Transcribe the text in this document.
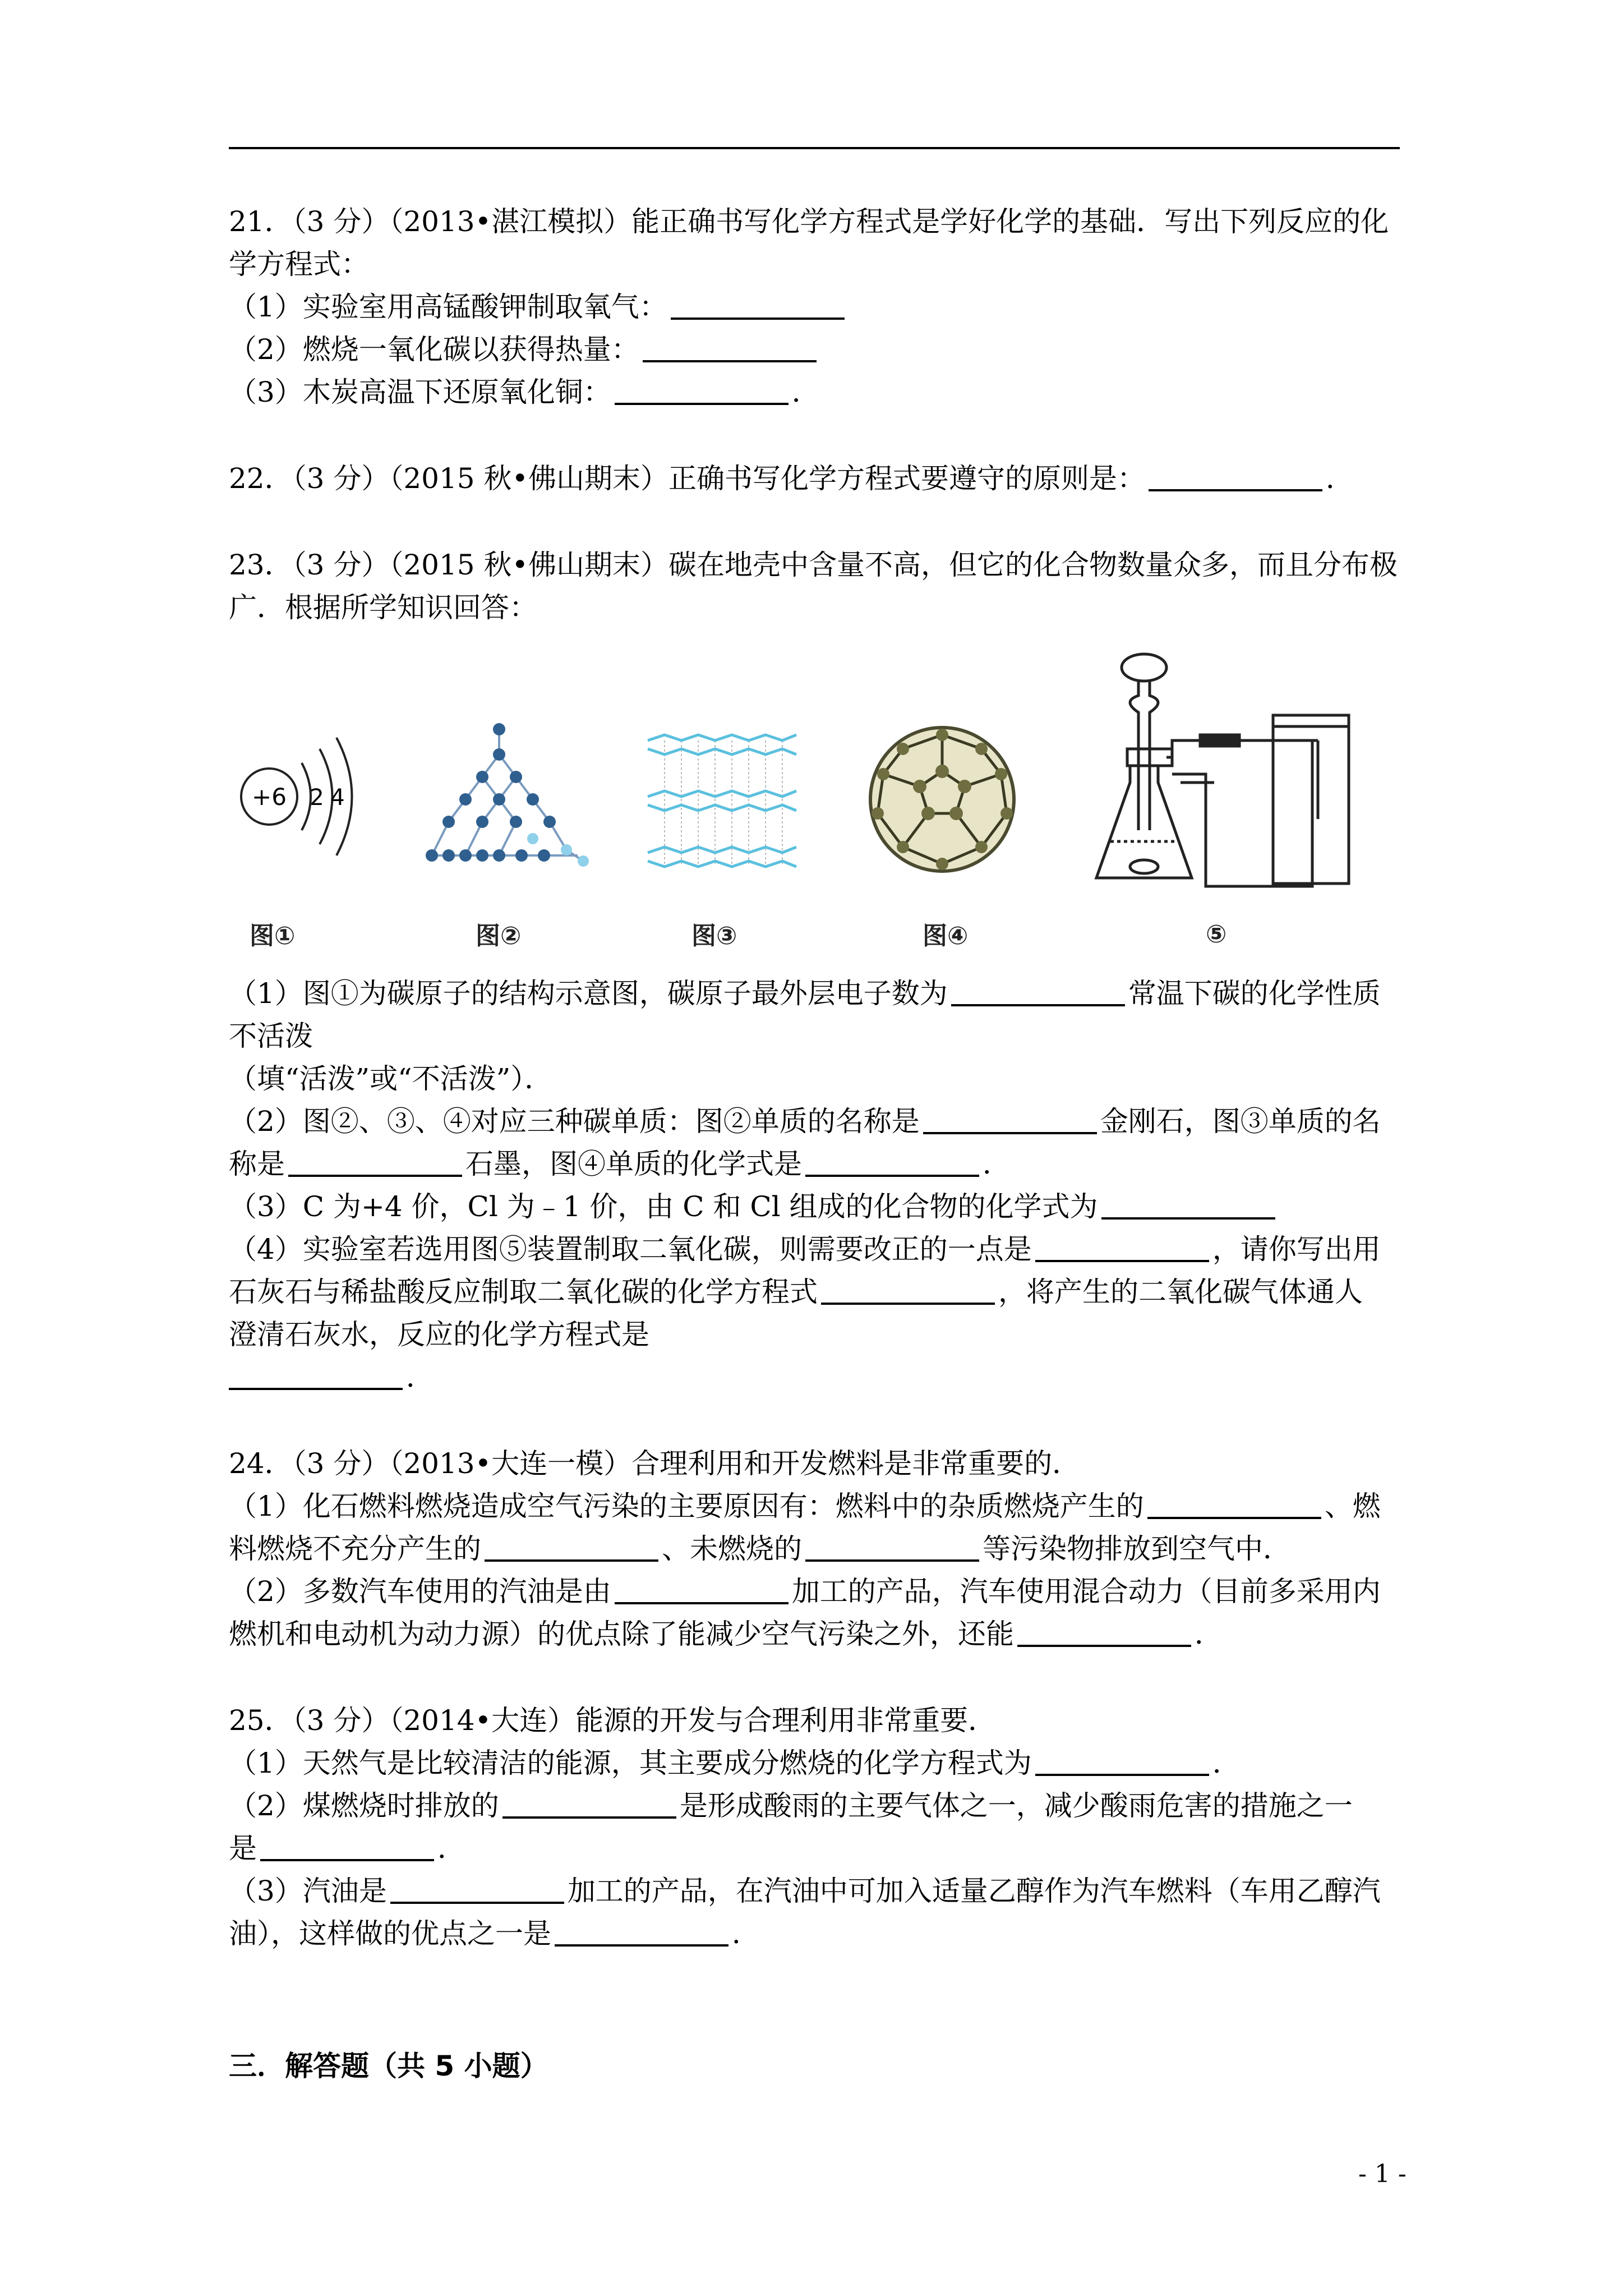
21．（3 分）（2013•湛江模拟）能正确书写化学方程式是学好化学的基础．写出下列反应的化
学方程式：
（1）实验室用高锰酸钾制取氧气：
（2）燃烧一氧化碳以获得热量：
（3）木炭高温下还原氧化铜：	．
22．（3 分）（2015 秋•佛山期末）正确书写化学方程式要遵守的原则是：	．
23．（3 分）（2015 秋•佛山期末）碳在地壳中含量不高，但它的化合物数量众多，而且分布极
广．根据所学知识回答：
+6 2 4
图①	图②	图③	图④	⑤
（1）图①为碳原子的结构示意图，碳原子最外层电子数为	常温下碳的化学性质
不活泼
（填“活泼”或“不活泼”）．
（2）图②、③、④对应三种碳单质：图②单质的名称是	金刚石，图③单质的名
称是	石墨，图④单质的化学式是	．
（3）C 为+4 价，Cl 为﹣1 价，由 C 和 Cl 组成的化合物的化学式为
（4）实验室若选用图⑤装置制取二氧化碳，则需要改正的一点是	，请你写出用
石灰石与稀盐酸反应制取二氧化碳的化学方程式	，将产生的二氧化碳气体通人
澄清石灰水，反应的化学方程式是
．
24．（3 分）（2013•大连一模）合理利用和开发燃料是非常重要的．
（1）化石燃料燃烧造成空气污染的主要原因有：燃料中的杂质燃烧产生的	、燃
料燃烧不充分产生的	、未燃烧的	等污染物排放到空气中．
（2）多数汽车使用的汽油是由	加工的产品，汽车使用混合动力（目前多采用内
燃机和电动机为动力源）的优点除了能减少空气污染之外，还能	．
25．（3 分）（2014•大连）能源的开发与合理利用非常重要．
（1）天然气是比较清洁的能源，其主要成分燃烧的化学方程式为	．
（2）煤燃烧时排放的	是形成酸雨的主要气体之一，减少酸雨危害的措施之一
是	．
（3）汽油是	加工的产品，在汽油中可加入适量乙醇作为汽车燃料（车用乙醇汽
油），这样做的优点之一是	．
三．解答题（共 5 小题）
- 1 -
